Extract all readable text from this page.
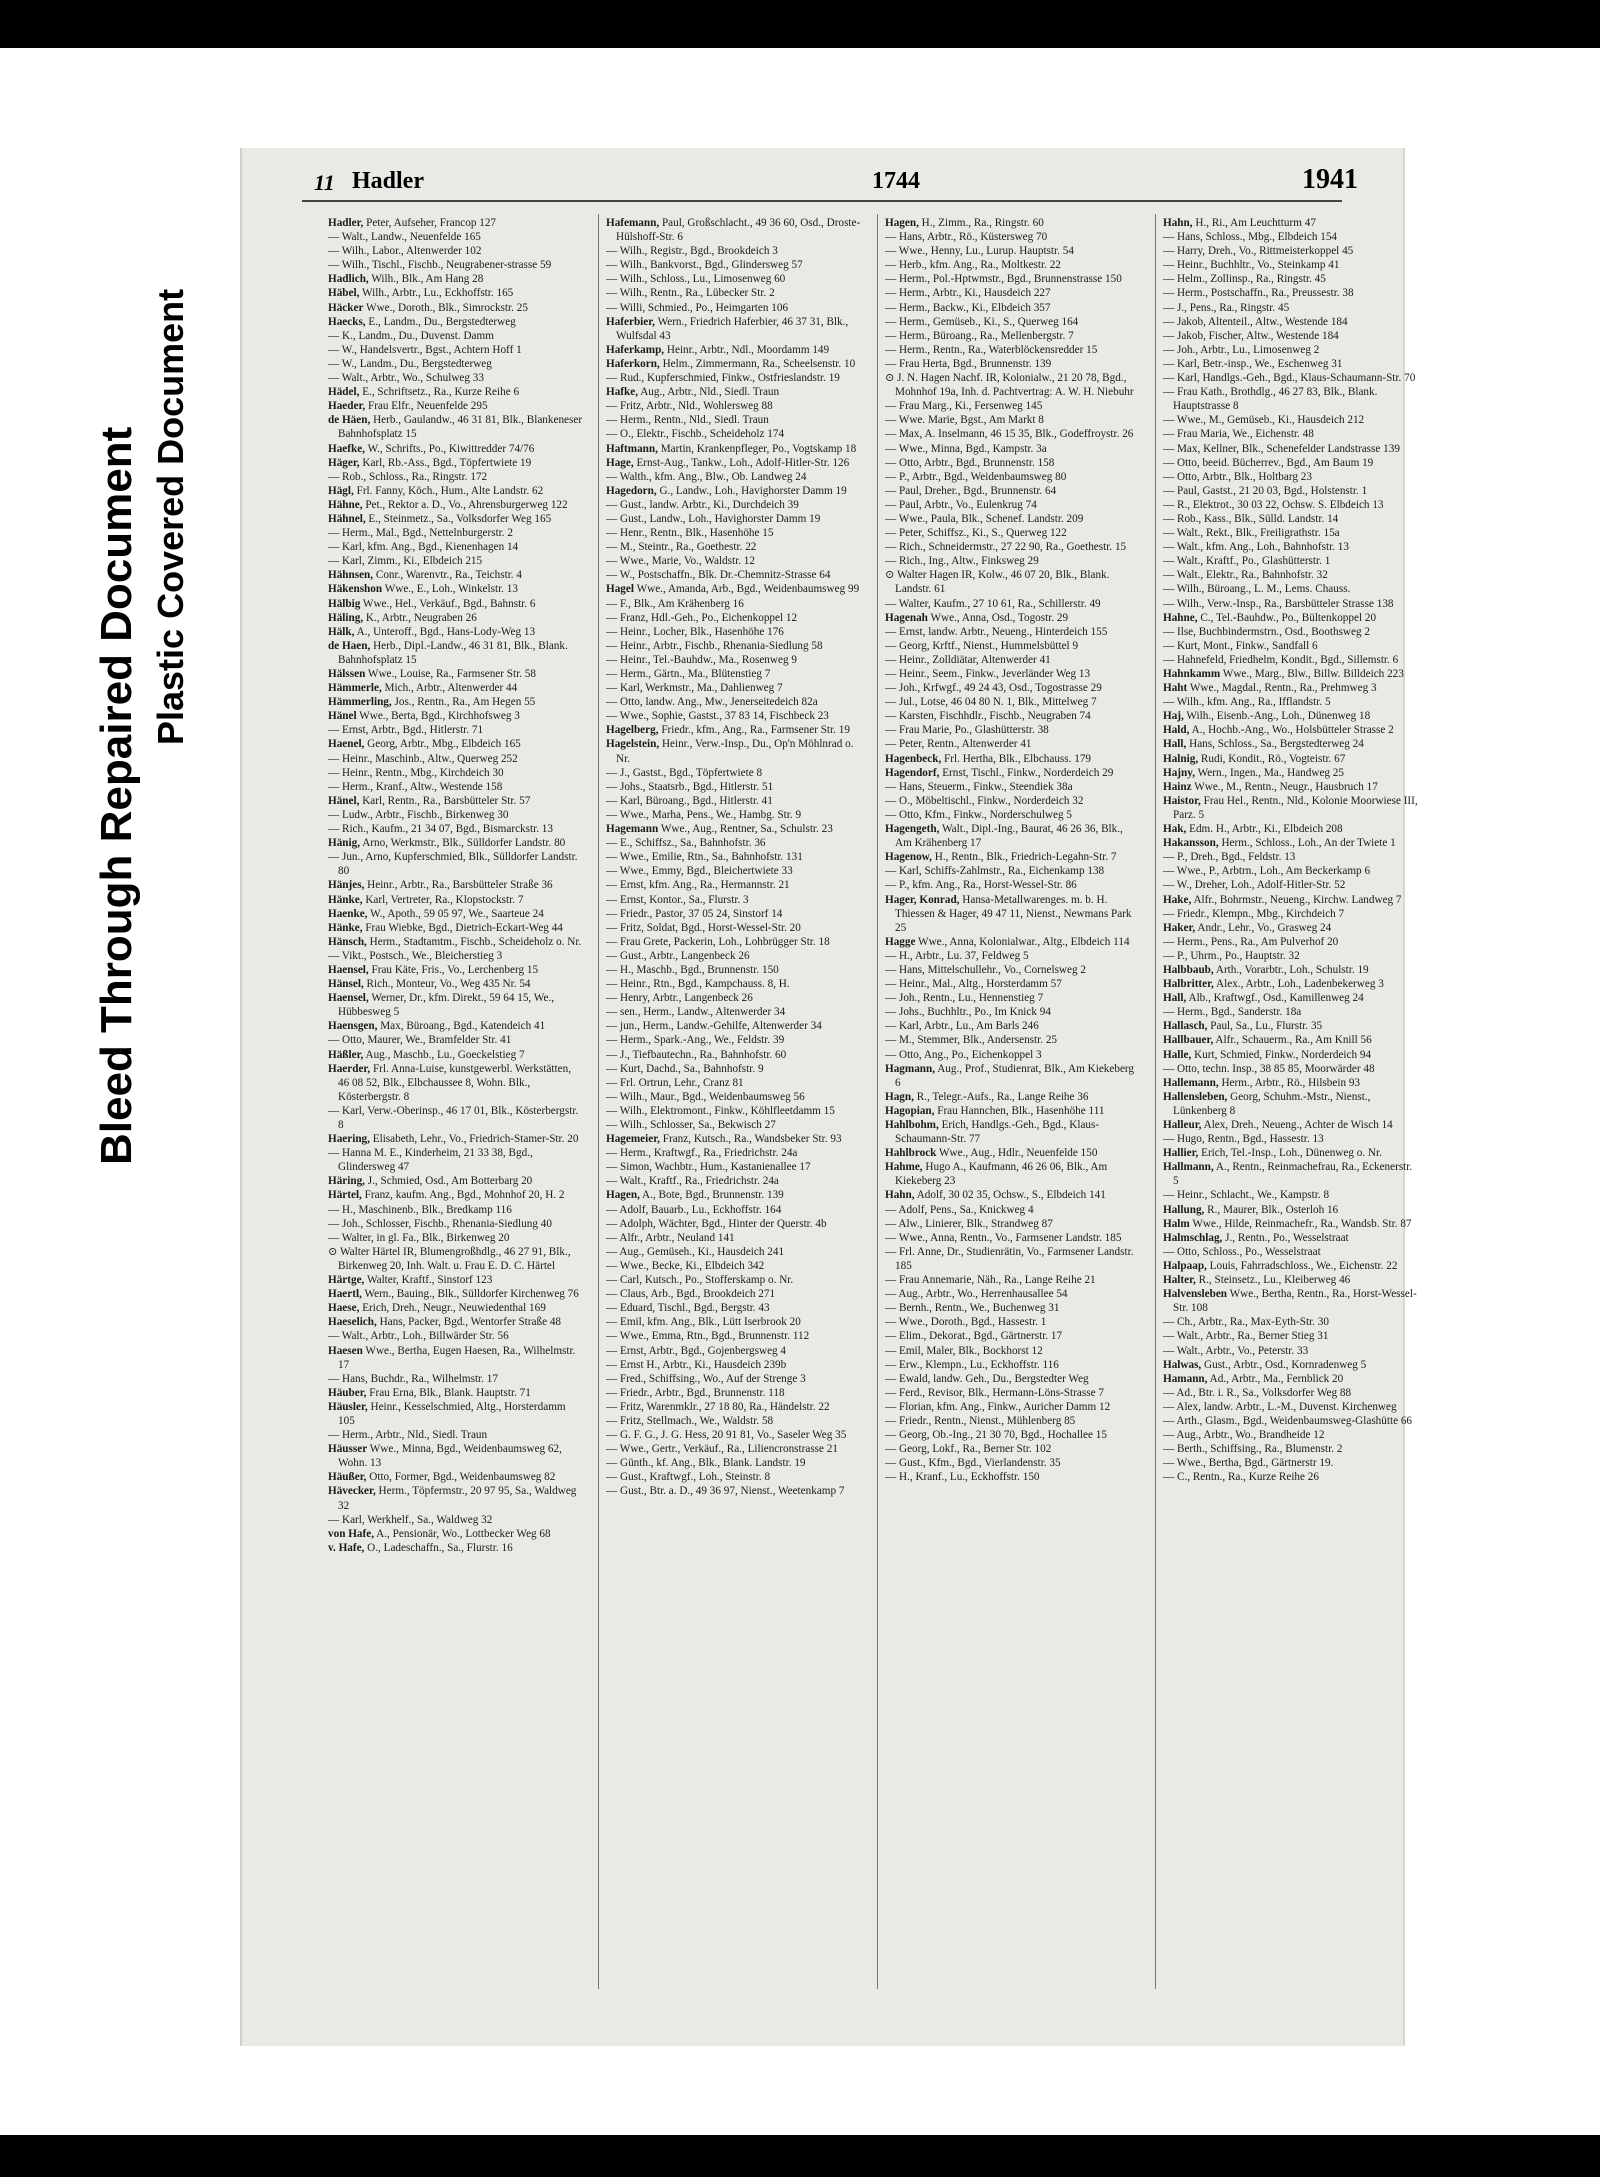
Bleed Through Repaired Document Plastic Covered Document
11 Hadler	1744	1941
Hadler, Peter, Aufseher, Francop 127
— Walt., Landw., Neuenfelde 165
— Wilh., Labor., Altenwerder 102
— Wilh., Tischl., Fischb., Neugrabener-strasse 59
Hadlich, Wilh., Blk., Am Hang 28
Häbel, Wilh., Arbtr., Lu., Eckhoffstr. 165
Häcker Wwe., Doroth., Blk., Simrockstr. 25
Haecks, E., Landm., Du., Bergstedterweg
— K., Landm., Du., Duvenst. Damm
— W., Handelsvertr., Bgst., Achtern Hoff 1
— W., Landm., Du., Bergstedterweg
— Walt., Arbtr., Wo., Schulweg 33
Hädel, E., Schriftsetz., Ra., Kurze Reihe 6
Haeder, Frau Elfr., Neuenfelde 295
de Häen, Herb., Gaulandw., 46 31 81, Blk., Blankeneser Bahnhofsplatz 15
Haefke, W., Schrifts., Po., Kiwittredder 74/76
Häger, Karl, Rb.-Ass., Bgd., Töpfertwiete 19
— Rob., Schloss., Ra., Ringstr. 172
Hägl, Frl. Fanny, Köch., Hum., Alte Landstr. 62
Hähne, Pet., Rektor a. D., Vo., Ahrensburgerweg 122
Hähnel, E., Steinmetz., Sa., Volksdorfer Weg 165
— Herm., Mal., Bgd., Nettelnburgerstr. 2
— Karl, kfm. Ang., Bgd., Kienenhagen 14
— Karl, Zimm., Ki., Elbdeich 215
Hähnsen, Conr., Warenvtr., Ra., Teichstr. 4
Häkenshon Wwe., E., Loh., Winkelstr. 13
Hälbig Wwe., Hel., Verkäuf., Bgd., Bahnstr. 6
Häling, K., Arbtr., Neugraben 26
Hälk, A., Unteroff., Bgd., Hans-Lody-Weg 13
de Haen, Herb., Dipl.-Landw., 46 31 81, Blk., Blank. Bahnhofsplatz 15
Hälssen Wwe., Louise, Ra., Farmsener Str. 58
Hämmerle, Mich., Arbtr., Altenwerder 44
Hämmerling, Jos., Rentn., Ra., Am Hegen 55
Hänel Wwe., Berta, Bgd., Kirchhofsweg 3
— Ernst, Arbtr., Bgd., Hitlerstr. 71
Haenel, Georg, Arbtr., Mbg., Elbdeich 165
— Heinr., Maschinb., Altw., Querweg 252
— Heinr., Rentn., Mbg., Kirchdeich 30
— Herm., Kranf., Altw., Westende 158
Hänel, Karl, Rentn., Ra., Barsbütteler Str. 57
— Ludw., Arbtr., Fischb., Birkenweg 30
— Rich., Kaufm., 21 34 07, Bgd., Bismarckstr. 13
Hänig, Arno, Werkmstr., Blk., Sülldorfer Landstr. 80
— Jun., Arno, Kupferschmied, Blk., Sülldorfer Landstr. 80
Hänjes, Heinr., Arbtr., Ra., Barsbütteler Straße 36
Hänke, Karl, Vertreter, Ra., Klopstockstr. 7
Haenke, W., Apoth., 59 05 97, We., Saarteue 24
Hänke, Frau Wiebke, Bgd., Dietrich-Eckart-Weg 44
Hänsch, Herm., Stadtamtm., Fischb., Scheideholz o. Nr.
— Vikt., Postsch., We., Bleicherstieg 3
Haensel, Frau Käte, Fris., Vo., Lerchenberg 15
Hänsel, Rich., Monteur, Vo., Weg 435 Nr. 54
Haensel, Werner, Dr., kfm. Direkt., 59 64 15, We., Hübbesweg 5
Haensgen, Max, Büroang., Bgd., Katendeich 41
— Otto, Maurer, We., Bramfelder Str. 41
Häßler, Aug., Maschb., Lu., Goeckelstieg 7
Haerder, Frl. Anna-Luise, kunstgewerbl. Werkstätten, 46 08 52, Blk., Elbchaussee 8, Wohn. Blk., Kösterbergstr. 8
— Karl, Verw.-Oberinsp., 46 17 01, Blk., Kösterbergstr. 8
Haering, Elisabeth, Lehr., Vo., Friedrich-Stamer-Str. 20
— Hanna M. E., Kinderheim, 21 33 38, Bgd., Glindersweg 47
Häring, J., Schmied, Osd., Am Botterbarg 20
Härtel, Franz, kaufm. Ang., Bgd., Mohnhof 20, H. 2
— H., Maschinenb., Blk., Bredkamp 116
— Joh., Schlosser, Fischb., Rhenania-Siedlung 40
— Walter, in gl. Fa., Blk., Birkenweg 20
⊙ Walter Härtel IR, Blumengroßhdlg., 46 27 91, Blk., Birkenweg 20, Inh. Walt. u. Frau E. D. C. Härtel
Härtge, Walter, Kraftf., Sinstorf 123
Haertl, Wern., Bauing., Blk., Sülldorfer Kirchenweg 76
Haese, Erich, Dreh., Neugr., Neuwiedenthal 169
Haeselich, Hans, Packer, Bgd., Wentorfer Straße 48
— Walt., Arbtr., Loh., Billwärder Str. 56
Haesen Wwe., Bertha, Eugen Haesen, Ra., Wilhelmstr. 17
— Hans, Buchdr., Ra., Wilhelmstr. 17
Häuber, Frau Erna, Blk., Blank. Hauptstr. 71
Häusler, Heinr., Kesselschmied, Altg., Horsterdamm 105
— Herm., Arbtr., Nld., Siedl. Traun
Häusser Wwe., Minna, Bgd., Weidenbaumsweg 62, Wohn. 13
Häußer, Otto, Former, Bgd., Weidenbaumsweg 82
Hävecker, Herm., Töpfermstr., 20 97 95, Sa., Waldweg 32
— Karl, Werkhelf., Sa., Waldweg 32
von Hafe, A., Pensionär, Wo., Lottbecker Weg 68
v. Hafe, O., Ladeschaffn., Sa., Flurstr. 16
Hafemann, Paul, Großschlacht., 49 36 60, Osd., Droste-Hülshoff-Str. 6
— Wilh., Registr., Bgd., Brookdeich 3
— Wilh., Bankvorst., Bgd., Glindersweg 57
— Wilh., Schloss., Lu., Limosenweg 60
— Wilh., Rentn., Ra., Lübecker Str. 2
— Willi, Schmied., Po., Heimgarten 106
Haferbier, Wern., Friedrich Haferbier, 46 37 31, Blk., Wulfsdal 43
Haferkamp, Heinr., Arbtr., Ndl., Moordamm 149
Haferkorn, Helm., Zimmermann, Ra., Scheelsenstr. 10
— Rud., Kupferschmied, Finkw., Ostfrieslandstr. 19
Hafke, Aug., Arbtr., Nld., Siedl. Traun
— Fritz, Arbtr., Nld., Wohlersweg 88
— Herm., Rentn., Nld., Siedl. Traun
— O., Elektr., Fischb., Scheideholz 174
Haftmann, Martin, Krankenpfleger, Po., Vogtskamp 18
Hage, Ernst-Aug., Tankw., Loh., Adolf-Hitler-Str. 126
— Walth., kfm. Ang., Blw., Ob. Landweg 24
Hagedorn, G., Landw., Loh., Havighorster Damm 19
— Gust., landw. Arbtr., Ki., Durchdeich 39
— Gust., Landw., Loh., Havighorster Damm 19
— Henr., Rentn., Blk., Hasenhöhe 15
— M., Steintr., Ra., Goethestr. 22
— Wwe., Marie, Vo., Waldstr. 12
— W., Postschaffn., Blk. Dr.-Chemnitz-Strasse 64
Hagel Wwe., Amanda, Arb., Bgd., Weidenbaumsweg 99
— F., Blk., Am Krähenberg 16
— Franz, Hdl.-Geh., Po., Eichenkoppel 12
— Heinr., Locher, Blk., Hasenhöhe 176
— Heinr., Arbtr., Fischb., Rhenania-Siedlung 58
— Heinr., Tel.-Bauhdw., Ma., Rosenweg 9
— Herm., Gärtn., Ma., Blütenstieg 7
— Karl, Werkmstr., Ma., Dahlienweg 7
— Otto, landw. Ang., Mw., Jenerseitedeich 82a
— Wwe., Sophie, Gastst., 37 83 14, Fischbeck 23
Hagelberg, Friedr., kfm., Ang., Ra., Farmsener Str. 19
Hagelstein, Heinr., Verw.-Insp., Du., Op'n Möhlnrad o. Nr.
— J., Gastst., Bgd., Töpfertwiete 8
— Johs., Staatsrb., Bgd., Hitlerstr. 51
— Karl, Büroang., Bgd., Hitlerstr. 41
— Wwe., Marha, Pens., We., Hambg. Str. 9
Hagemann Wwe., Aug., Rentner, Sa., Schulstr. 23
— E., Schiffsz., Sa., Bahnhofstr. 36
— Wwe., Emilie, Rtn., Sa., Bahnhofstr. 131
— Wwe., Emmy, Bgd., Bleichertwiete 33
— Ernst, kfm. Ang., Ra., Hermannstr. 21
— Ernst, Kontor., Sa., Flurstr. 3
— Friedr., Pastor, 37 05 24, Sinstorf 14
— Fritz, Soldat, Bgd., Horst-Wessel-Str. 20
— Frau Grete, Packerin, Loh., Lohbrügger Str. 18
— Gust., Arbtr., Langenbeck 26
— H., Maschb., Bgd., Brunnenstr. 150
— Heinr., Rtn., Bgd., Kampchauss. 8, H.
— Henry, Arbtr., Langenbeck 26
— sen., Herm., Landw., Altenwerder 34
— jun., Herm., Landw.-Gehilfe, Altenwerder 34
— Herm., Spark.-Ang., We., Feldstr. 39
— J., Tiefbautechn., Ra., Bahnhofstr. 60
— Kurt, Dachd., Sa., Bahnhofstr. 9
— Frl. Ortrun, Lehr., Cranz 81
— Wilh., Maur., Bgd., Weidenbaumsweg 56
— Wilh., Elektromont., Finkw., Köhlfleetdamm 15
— Wilh., Schlosser, Sa., Bekwisch 27
Hagemeier, Franz, Kutsch., Ra., Wandsbeker Str. 93
— Herm., Kraftwgf., Ra., Friedrichstr. 24a
— Simon, Wachbtr., Hum., Kastanienallee 17
— Walt., Kraftf., Ra., Friedrichstr. 24a
Hagen, A., Bote, Bgd., Brunnenstr. 139
— Adolf, Bauarb., Lu., Eckhoffstr. 164
— Adolph, Wächter, Bgd., Hinter der Querstr. 4b
— Alfr., Arbtr., Neuland 141
— Aug., Gemüseh., Ki., Hausdeich 241
— Wwe., Becke, Ki., Elbdeich 342
— Carl, Kutsch., Po., Stofferskamp o. Nr.
— Claus, Arb., Bgd., Brookdeich 271
— Eduard, Tischl., Bgd., Bergstr. 43
— Emil, kfm. Ang., Blk., Lütt Iserbrook 20
— Wwe., Emma, Rtn., Bgd., Brunnenstr. 112
— Ernst, Arbtr., Bgd., Gojenbergsweg 4
— Ernst H., Arbtr., Ki., Hausdeich 239b
— Fred., Schiffsing., Wo., Auf der Strenge 3
— Friedr., Arbtr., Bgd., Brunnenstr. 118
— Fritz, Warenmklr., 27 18 80, Ra., Händelstr. 22
— Fritz, Stellmach., We., Waldstr. 58
— G. F. G., J. G. Hess, 20 91 81, Vo., Saseler Weg 35
— Wwe., Gertr., Verkäuf., Ra., Liliencronstrasse 21
— Günth., kf. Ang., Blk., Blank. Landstr. 19
— Gust., Kraftwgf., Loh., Steinstr. 8
— Gust., Btr. a. D., 49 36 97, Nienst., Weetenkamp 7
Hagen, H., Zimm., Ra., Ringstr. 60
— Hans, Arbtr., Rö., Küstersweg 70
— Wwe., Henny, Lu., Lurup. Hauptstr. 54
— Herb., kfm. Ang., Ra., Moltkestr. 22
— Herm., Pol.-Hptwmstr., Bgd., Brunnenstrasse 150
— Herm., Arbtr., Ki., Hausdeich 227
— Herm., Backw., Ki., Elbdeich 357
— Herm., Gemüseb., Ki., S., Querweg 164
— Herm., Büroang., Ra., Mellenbergstr. 7
— Herm., Rentn., Ra., Waterblöckensredder 15
— Frau Herta, Bgd., Brunnenstr. 139
⊙ J. N. Hagen Nachf. IR, Kolonialw., 21 20 78, Bgd., Mohnhof 19a, Inh. d. Pachtvertrag: A. W. H. Niebuhr
— Frau Marg., Ki., Fersenweg 145
— Wwe. Marie, Bgst., Am Markt 8
— Max, A. Inselmann, 46 15 35, Blk., Godeffroystr. 26
— Wwe., Minna, Bgd., Kampstr. 3a
— Otto, Arbtr., Bgd., Brunnenstr. 158
— P., Arbtr., Bgd., Weidenbaumsweg 80
— Paul, Dreher., Bgd., Brunnenstr. 64
— Paul, Arbtr., Vo., Eulenkrug 74
— Wwe., Paula, Blk., Schenef. Landstr. 209
— Peter, Schiffsz., Ki., S., Querweg 122
— Rich., Schneidermstr., 27 22 90, Ra., Goethestr. 15
— Rich., Ing., Altw., Finksweg 29
⊙ Walter Hagen IR, Kolw., 46 07 20, Blk., Blank. Landstr. 61
— Walter, Kaufm., 27 10 61, Ra., Schillerstr. 49
Hagenah Wwe., Anna, Osd., Togostr. 29
— Ernst, landw. Arbtr., Neueng., Hinterdeich 155
— Georg, Krftf., Nienst., Hummelsbüttel 9
— Heinr., Zolldiätar, Altenwerder 41
— Heinr., Seem., Finkw., Jeverländer Weg 13
— Joh., Krfwgf., 49 24 43, Osd., Togostrasse 29
— Jul., Lotse, 46 04 80 N. 1, Blk., Mittelweg 7
— Karsten, Fischhdlr., Fischb., Neugraben 74
— Frau Marie, Po., Glashütterstr. 38
— Peter, Rentn., Altenwerder 41
Hagenbeck, Frl. Hertha, Blk., Elbchauss. 179
Hagendorf, Ernst, Tischl., Finkw., Norderdeich 29
— Hans, Steuerm., Finkw., Steendiek 38a
— O., Möbeltischl., Finkw., Norderdeich 32
— Otto, Kfm., Finkw., Norderschulweg 5
Hagengeth, Walt., Dipl.-Ing., Baurat, 46 26 36, Blk., Am Krähenberg 17
Hagenow, H., Rentn., Blk., Friedrich-Legahn-Str. 7
— Karl, Schiffs-Zahlmstr., Ra., Eichenkamp 138
— P., kfm. Ang., Ra., Horst-Wessel-Str. 86
Hager, Konrad, Hansa-Metallwarenges. m. b. H. Thiessen & Hager, 49 47 11, Nienst., Newmans Park 25
Hagge Wwe., Anna, Kolonialwar., Altg., Elbdeich 114
— H., Arbtr., Lu. 37, Feldweg 5
— Hans, Mittelschullehr., Vo., Cornelsweg 2
— Heinr., Mal., Altg., Horsterdamm 57
— Joh., Rentn., Lu., Hennenstieg 7
— Johs., Buchhltr., Po., Im Knick 94
— Karl, Arbtr., Lu., Am Barls 246
— M., Stemmer, Blk., Andersenstr. 25
— Otto, Ang., Po., Eichenkoppel 3
Hagmann, Aug., Prof., Studienrat, Blk., Am Kiekeberg 6
Hagn, R., Telegr.-Aufs., Ra., Lange Reihe 36
Hagopian, Frau Hannchen, Blk., Hasenhöhe 111
Hahlbohm, Erich, Handlgs.-Geh., Bgd., Klaus-Schaumann-Str. 77
Hahlbrock Wwe., Aug., Hdlr., Neuenfelde 150
Hahme, Hugo A., Kaufmann, 46 26 06, Blk., Am Kiekeberg 23
Hahn, Adolf, 30 02 35, Ochsw., S., Elbdeich 141
— Adolf, Pens., Sa., Knickweg 4
— Alw., Linierer, Blk., Strandweg 87
— Wwe., Anna, Rentn., Vo., Farmsener Landstr. 185
— Frl. Anne, Dr., Studienrätin, Vo., Farmsener Landstr. 185
— Frau Annemarie, Näh., Ra., Lange Reihe 21
— Aug., Arbtr., Wo., Herrenhausallee 54
— Bernh., Rentn., We., Buchenweg 31
— Wwe., Doroth., Bgd., Hassestr. 1
— Elim., Dekorat., Bgd., Gärtnerstr. 17
— Emil, Maler, Blk., Bockhorst 12
— Erw., Klempn., Lu., Eckhoffstr. 116
— Ewald, landw. Geh., Du., Bergstedter Weg
— Ferd., Revisor, Blk., Hermann-Löns-Strasse 7
— Florian, kfm. Ang., Finkw., Auricher Damm 12
— Friedr., Rentn., Nienst., Mühlenberg 85
— Georg, Ob.-Ing., 21 30 70, Bgd., Hochallee 15
— Georg, Lokf., Ra., Berner Str. 102
— Gust., Kfm., Bgd., Vierlandenstr. 35
— H., Kranf., Lu., Eckhoffstr. 150
Hahn, H., Ri., Am Leuchtturm 47
— Hans, Schloss., Mbg., Elbdeich 154
— Harry, Dreh., Vo., Rittmeisterkoppel 45
— Heinr., Buchhltr., Vo., Steinkamp 41
— Helm., Zollinsp., Ra., Ringstr. 45
— Herm., Postschaffn., Ra., Preussestr. 38
— J., Pens., Ra., Ringstr. 45
— Jakob, Altenteil., Altw., Westende 184
— Jakob, Fischer, Altw., Westende 184
— Joh., Arbtr., Lu., Limosenweg 2
— Karl, Betr.-insp., We., Eschenweg 31
— Karl, Handlgs.-Geh., Bgd., Klaus-Schaumann-Str. 70
— Frau Kath., Brothdlg., 46 27 83, Blk., Blank. Hauptstrasse 8
— Wwe., M., Gemüseb., Ki., Hausdeich 212
— Frau Maria, We., Eichenstr. 48
— Max, Kellner, Blk., Schenefelder Landstrasse 139
— Otto, beeid. Bücherrev., Bgd., Am Baum 19
— Otto, Arbtr., Blk., Holtbarg 23
— Paul, Gastst., 21 20 03, Bgd., Holstenstr. 1
— R., Elektrot., 30 03 22, Ochsw. S. Elbdeich 13
— Rob., Kass., Blk., Sülld. Landstr. 14
— Walt., Rekt., Blk., Freiligrathstr. 15a
— Walt., kfm. Ang., Loh., Bahnhofstr. 13
— Walt., Kraftf., Po., Glashütterstr. 1
— Walt., Elektr., Ra., Bahnhofstr. 32
— Wilh., Büroang., L. M., Lems. Chauss.
— Wilh., Verw.-Insp., Ra., Barsbütteler Strasse 138
Hahne, C., Tel.-Bauhdw., Po., Bültenkoppel 20
— Ilse, Buchbindermstrn., Osd., Boothsweg 2
— Kurt, Mont., Finkw., Sandfall 6
— Hahnefeld, Friedhelm, Kondit., Bgd., Sillemstr. 6
Hahnkamm Wwe., Marg., Blw., Billw. Billdeich 223
Haht Wwe., Magdal., Rentn., Ra., Prehmweg 3
— Wilh., kfm. Ang., Ra., Ifflandstr. 5
Haj, Wilh., Eisenb.-Ang., Loh., Dünenweg 18
Hald, A., Hochb.-Ang., Wo., Holsbütteler Strasse 2
Hall, Hans, Schloss., Sa., Bergstedterweg 24
Halnig, Rudi, Kondit., Rö., Vogteistr. 67
Hajny, Wern., Ingen., Ma., Handweg 25
Hainz Wwe., M., Rentn., Neugr., Hausbruch 17
Haistor, Frau Hel., Rentn., Nld., Kolonie Moorwiese III, Parz. 5
Hak, Edm. H., Arbtr., Ki., Elbdeich 208
Hakansson, Herm., Schloss., Loh., An der Twiete 1
— P., Dreh., Bgd., Feldstr. 13
— Wwe., P., Arbtrn., Loh., Am Beckerkamp 6
— W., Dreher, Loh., Adolf-Hitler-Str. 52
Hake, Alfr., Bohrmstr., Neueng., Kirchw. Landweg 7
— Friedr., Klempn., Mbg., Kirchdeich 7
Haker, Andr., Lehr., Vo., Grasweg 24
— Herm., Pens., Ra., Am Pulverhof 20
— P., Uhrm., Po., Hauptstr. 32
Halbbaub, Arth., Vorarbtr., Loh., Schulstr. 19
Halbritter, Alex., Arbtr., Loh., Ladenbekerweg 3
Hall, Alb., Kraftwgf., Osd., Kamillenweg 24
— Herm., Bgd., Sanderstr. 18a
Hallasch, Paul, Sa., Lu., Flurstr. 35
Hallbauer, Alfr., Schauerm., Ra., Am Knill 56
Halle, Kurt, Schmied, Finkw., Norderdeich 94
— Otto, techn. Insp., 38 85 85, Moorwärder 48
Hallemann, Herm., Arbtr., Rö., Hilsbein 93
Hallensleben, Georg, Schuhm.-Mstr., Nienst., Lünkenberg 8
Halleur, Alex, Dreh., Neueng., Achter de Wisch 14
— Hugo, Rentn., Bgd., Hassestr. 13
Hallier, Erich, Tel.-Insp., Loh., Dünenweg o. Nr.
Hallmann, A., Rentn., Reinmachefrau, Ra., Eckenerstr. 5
— Heinr., Schlacht., We., Kampstr. 8
Hallung, R., Maurer, Blk., Osterloh 16
Halm Wwe., Hilde, Reinmachefr., Ra., Wandsb. Str. 87
Halmschlag, J., Rentn., Po., Wesselstraat
— Otto, Schloss., Po., Wesselstraat
Halpaap, Louis, Fahrradschloss., We., Eichenstr. 22
Halter, R., Steinsetz., Lu., Kleiberweg 46
Halvensleben Wwe., Bertha, Rentn., Ra., Horst-Wessel-Str. 108
— Ch., Arbtr., Ra., Max-Eyth-Str. 30
— Walt., Arbtr., Ra., Berner Stieg 31
— Walt., Arbtr., Vo., Peterstr. 33
Halwas, Gust., Arbtr., Osd., Kornradenweg 5
Hamann, Ad., Arbtr., Ma., Fernblick 20
— Ad., Btr. i. R., Sa., Volksdorfer Weg 88
— Alex, landw. Arbtr., L.-M., Duvenst. Kirchenweg
— Arth., Glasm., Bgd., Weidenbaumsweg-Glashütte 66
— Aug., Arbtr., Wo., Brandheide 12
— Berth., Schiffsing., Ra., Blumenstr. 2
— Wwe., Bertha, Bgd., Gärtnerstr 19.
— C., Rentn., Ra., Kurze Reihe 26
